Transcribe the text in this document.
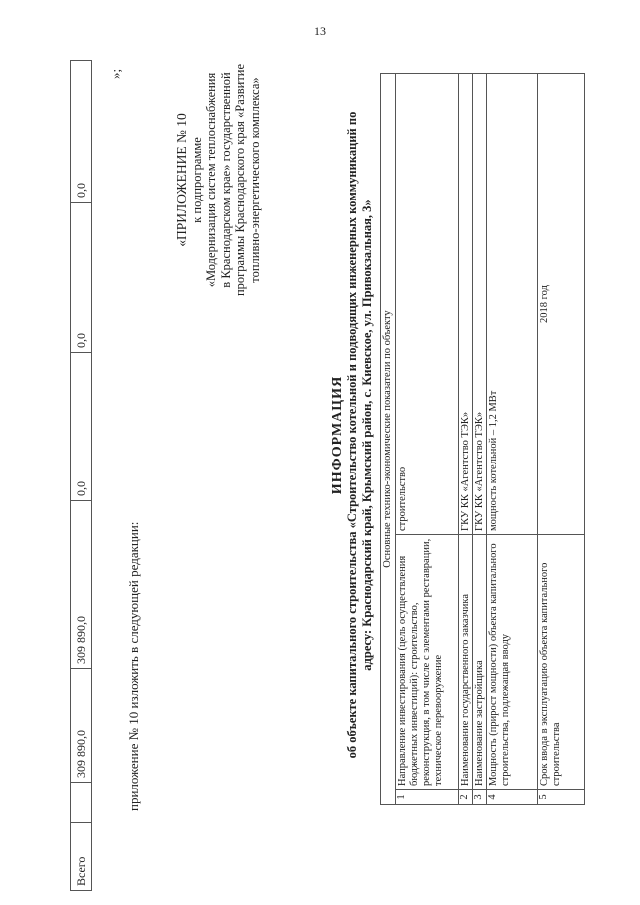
13
Всего
309 890,0
309 890,0
0,0
0,0
0,0
»;
приложение № 10 изложить в следующей редакции:
«ПРИЛОЖЕНИЕ № 10 к подпрограмме «Модернизация систем теплоснабжения в Краснодарском крае» государственной программы Краснодарского края «Развитие топливно-энергетического комплекса»
ИНФОРМАЦИЯ об объекте капитального строительства «Строительство котельной и подводящих инженерных коммуникаций по адресу: Краснодарский край, Крымский район, с. Киевское, ул. Привокзальная, 3» Основные технико-экономические показатели по объекту
1
Направление инвестирования (цель осуществления бюджетных инвестиций): строительство, реконструкция, в том числе с элементами реставрации, техническое перевооружение
строительство
2
Наименование государственного заказчика
ГКУ КК «Агентство ТЭК»
3
Наименование застройщика
ГКУ КК «Агентство ТЭК»
4
Мощность (прирост мощности) объекта капитального строительства, подлежащая вводу
мощность котельной – 1,2 МВт
5
Срок ввода в эксплуатацию объекта капитального строительства
2018 год
